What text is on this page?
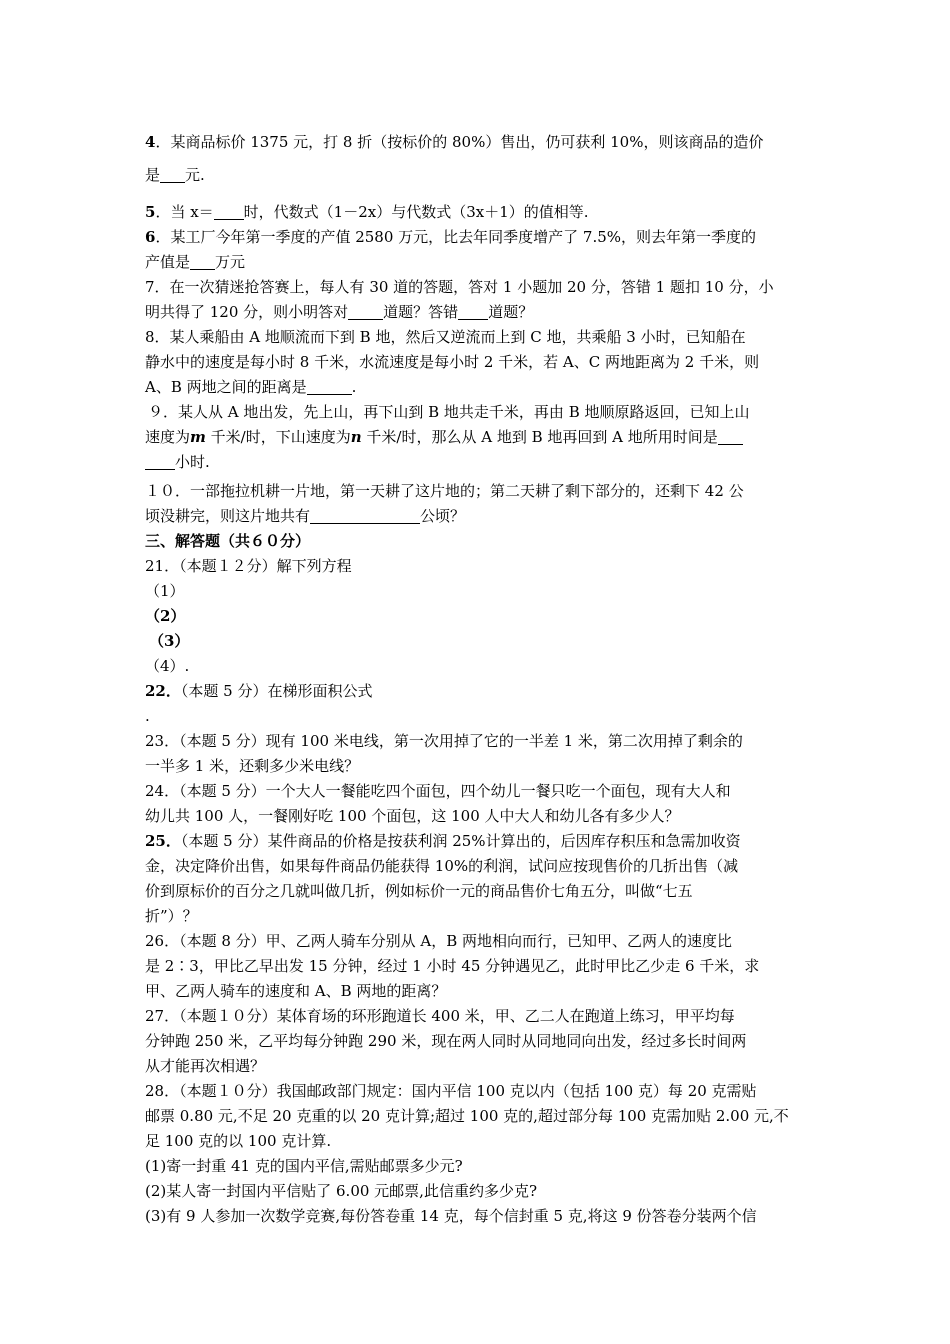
4．某商品标价 1375 元，打 8 折（按标价的 80%）售出，仍可获利 10%，则该商品的造价

是 元.

5．当 x＝ 时，代数式（1－2x）与代数式（3x＋1）的值相等.

6．某工厂今年第一季度的产值 2580 万元，比去年同季度增产了 7.5%，则去年第一季度的

产值是 万元

7．在一次猜迷抢答赛上，每人有 30 道的答题，答对 1 小题加 20 分，答错 1 题扣 10 分，小

明共得了 120 分，则小明答对 道题？答错 道题？

8．某人乘船由 A 地顺流而下到 B 地，然后又逆流而上到 C 地，共乘船 3 小时，已知船在

静水中的速度是每小时 8 千米，水流速度是每小时 2 千米，若 A、C 两地距离为 2 千米，则

A、B 两地之间的距离是	.

９．某人从 A 地出发，先上山，再下山到 B 地共走千米，再由 B 地顺原路返回，已知上山

速度为m 千米/时，下山速度为n 千米/时，那么从 A 地到 B 地再回到 A 地所用时间是

小时.

１０．一部拖拉机耕一片地，第一天耕了这片地的；第二天耕了剩下部分的，还剩下 42 公

顷没耕完，则这片地共有	公顷？

三、解答题（共６０分）

21．（本题１２分）解下列方程

（1）

（2）

（3）

（4）.

22．（本题 5 分）在梯形面积公式

.

23．（本题 5 分）现有 100 米电线，第一次用掉了它的一半差 1 米，第二次用掉了剩余的

一半多 1 米，还剩多少米电线？

24．（本题 5 分）一个大人一餐能吃四个面包，四个幼儿一餐只吃一个面包，现有大人和

幼儿共 100 人，一餐刚好吃 100 个面包，这 100 人中大人和幼儿各有多少人？

25．（本题 5 分）某件商品的价格是按获利润 25%计算出的，后因库存积压和急需加收资

金，决定降价出售，如果每件商品仍能获得 10%的利润，试问应按现售价的几折出售（减

价到原标价的百分之几就叫做几折，例如标价一元的商品售价七角五分，叫做“七五

折”）？

26．（本题 8 分）甲、乙两人骑车分别从 A，B 两地相向而行，已知甲、乙两人的速度比

是 2∶3，甲比乙早出发 15 分钟，经过 1 小时 45 分钟遇见乙，此时甲比乙少走 6 千米，求

甲、乙两人骑车的速度和 A、B 两地的距离？

27．（本题１０分）某体育场的环形跑道长 400 米，甲、乙二人在跑道上练习，甲平均每

分钟跑 250 米，乙平均每分钟跑 290 米，现在两人同时从同地同向出发，经过多长时间两

从才能再次相遇？

28．（本题１０分）我国邮政部门规定：国内平信 100 克以内（包括 100 克）每 20 克需贴

邮票 0.80 元,不足 20 克重的以 20 克计算;超过 100 克的,超过部分每 100 克需加贴 2.00 元,不

足 100 克的以 100 克计算.

(1)寄一封重 41 克的国内平信,需贴邮票多少元?

(2)某人寄一封国内平信贴了 6.00 元邮票,此信重约多少克?

(3)有 9 人参加一次数学竞赛,每份答卷重 14 克，每个信封重 5 克,将这 9 份答卷分装两个信
